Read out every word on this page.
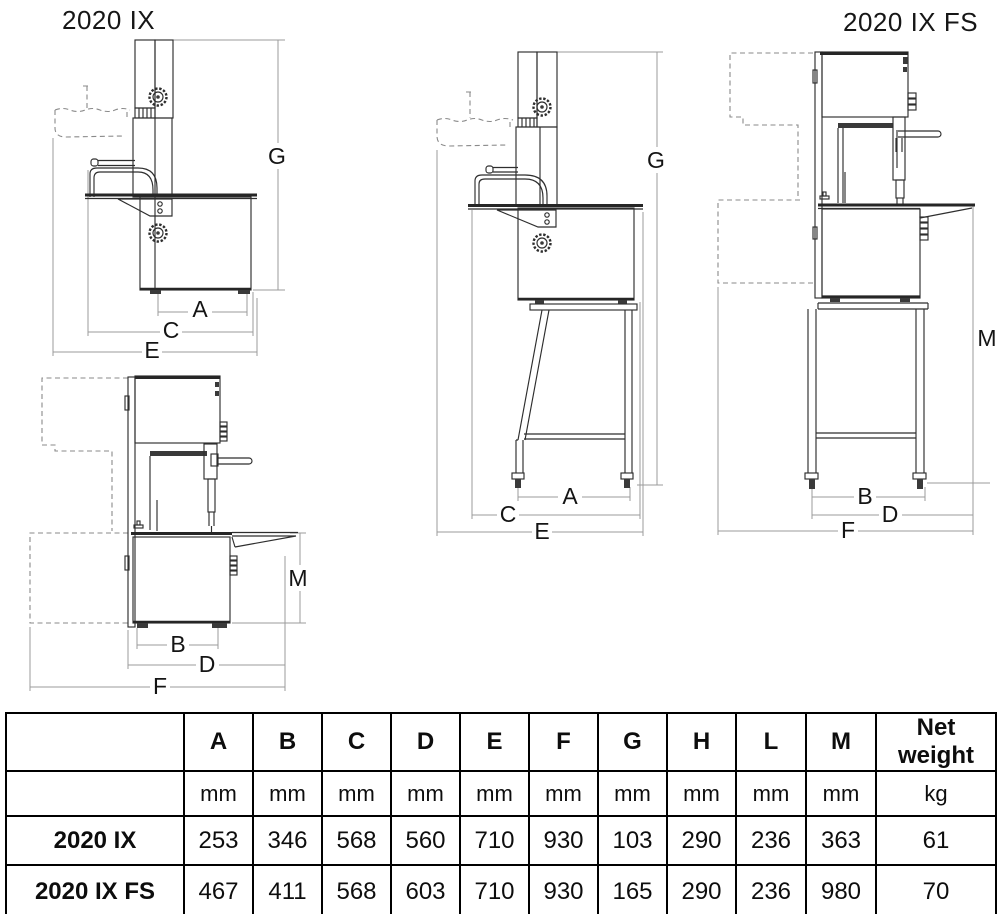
2020 IX	2020 IX FS
A
C
E
G
M
B
D
F
A
C
E
G
M
B
D
F
	A	B	C	D	E	F	G	H	L	M	Net weight
	mm	mm	mm	mm	mm	mm	mm	mm	mm	mm	kg
2020 IX	253	346	568	560	710	930	103	290	236	363	61
2020 IX FS	467	411	568	603	710	930	165	290	236	980	70
